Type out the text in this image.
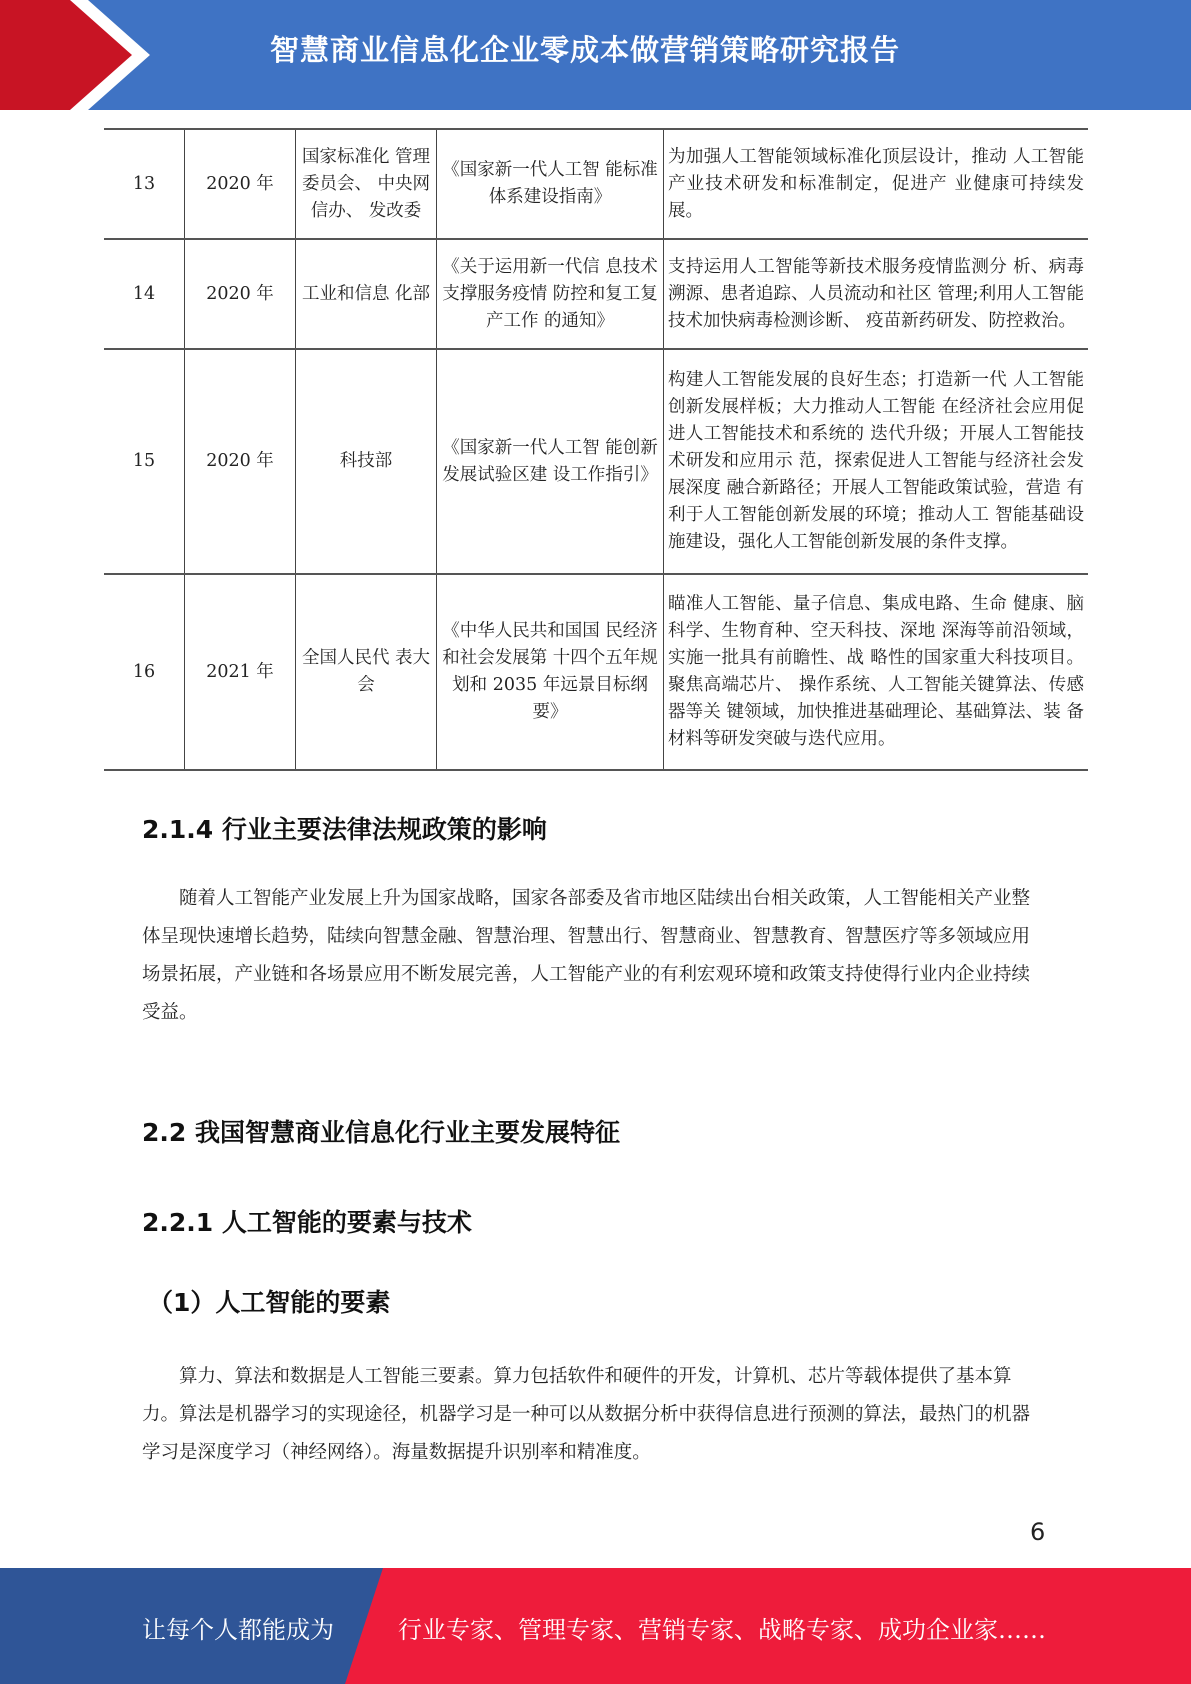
智慧商业信息化企业零成本做营销策略研究报告
13	2020 年	国家标准化 管理委员会、 中央网信办、 发改委	《国家新一代人工智 能标准体系建设指南》	为加强人工智能领域标准化顶层设计，推动 人工智能产业技术研发和标准制定，促进产 业健康可持续发展。
14	2020 年	工业和信息 化部	《关于运用新一代信 息技术支撑服务疫情 防控和复工复产工作 的通知》	支持运用人工智能等新技术服务疫情监测分 析、病毒溯源、患者追踪、人员流动和社区 管理;利用人工智能技术加快病毒检测诊断、 疫苗新药研发、防控救治。
15	2020 年	科技部	《国家新一代人工智 能创新发展试验区建 设工作指引》	构建人工智能发展的良好生态；打造新一代 人工智能创新发展样板；大力推动人工智能 在经济社会应用促进人工智能技术和系统的 迭代升级；开展人工智能技术研发和应用示 范，探索促进人工智能与经济社会发展深度 融合新路径；开展人工智能政策试验，营造 有利于人工智能创新发展的环境；推动人工 智能基础设施建设，强化人工智能创新发展的条件支撑。
16	2021 年	全国人民代 表大会	《中华人民共和国国 民经济和社会发展第 十四个五年规划和 2035 年远景目标纲要》	瞄准人工智能、量子信息、集成电路、生命 健康、脑科学、生物育种、空天科技、深地 深海等前沿领域，实施一批具有前瞻性、战 略性的国家重大科技项目。聚焦高端芯片、 操作系统、人工智能关键算法、传感器等关 键领域，加快推进基础理论、基础算法、装 备材料等研发突破与迭代应用。
2.1.4 行业主要法律法规政策的影响

随着人工智能产业发展上升为国家战略，国家各部委及省市地区陆续出台相关政策，人工智能相关产业整体呈现快速增长趋势，陆续向智慧金融、智慧治理、智慧出行、智慧商业、智慧教育、智慧医疗等多领域应用场景拓展，产业链和各场景应用不断发展完善，人工智能产业的有利宏观环境和政策支持使得行业内企业持续受益。

2.2 我国智慧商业信息化行业主要发展特征
2.2.1 人工智能的要素与技术
（1）人工智能的要素

算力、算法和数据是人工智能三要素。算力包括软件和硬件的开发，计算机、芯片等载体提供了基本算力。算法是机器学习的实现途径，机器学习是一种可以从数据分析中获得信息进行预测的算法，最热门的机器学习是深度学习（神经网络）。海量数据提升识别率和精准度。

6
让每个人都能成为	行业专家、管理专家、营销专家、战略专家、成功企业家……
